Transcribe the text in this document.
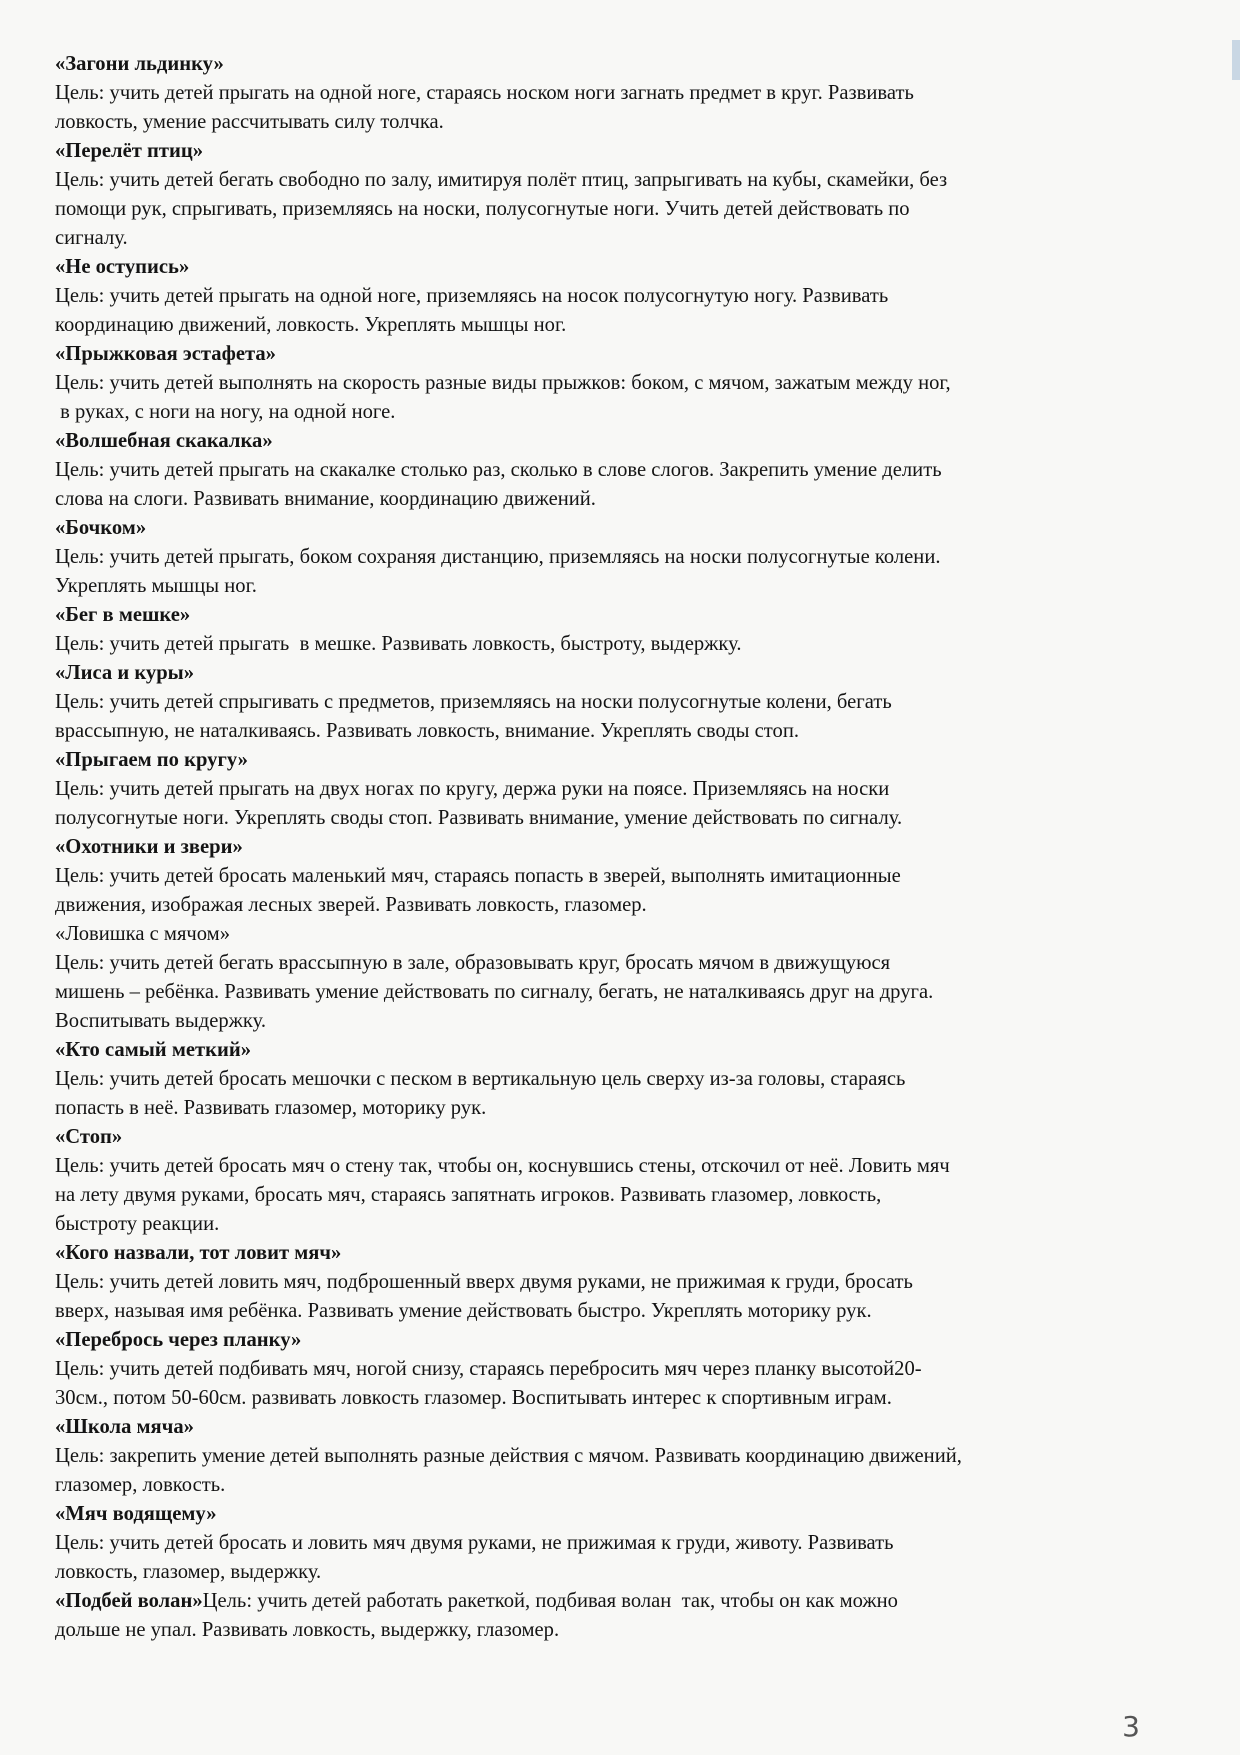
«Загони льдинку»
Цель: учить детей прыгать на одной ноге, стараясь носком ноги загнать предмет в круг. Развивать
ловкость, умение рассчитывать силу толчка.
«Перелёт птиц»
Цель: учить детей бегать свободно по залу, имитируя полёт птиц, запрыгивать на кубы, скамейки, без
помощи рук, спрыгивать, приземляясь на носки, полусогнутые ноги. Учить детей действовать по
сигналу.
«Не оступись»
Цель: учить детей прыгать на одной ноге, приземляясь на носок полусогнутую ногу. Развивать
координацию движений, ловкость. Укреплять мышцы ног.
«Прыжковая эстафета»
Цель: учить детей выполнять на скорость разные виды прыжков: боком, с мячом, зажатым между ног,
в руках, с ноги на ногу, на одной ноге.
«Волшебная скакалка»
Цель: учить детей прыгать на скакалке столько раз, сколько в слове слогов. Закрепить умение делить
слова на слоги. Развивать внимание, координацию движений.
«Бочком»
Цель: учить детей прыгать, боком сохраняя дистанцию, приземляясь на носки полусогнутые колени.
Укреплять мышцы ног.
«Бег в мешке»
Цель: учить детей прыгать  в мешке. Развивать ловкость, быстроту, выдержку.
«Лиса и куры»
Цель: учить детей спрыгивать с предметов, приземляясь на носки полусогнутые колени, бегать
врассыпную, не наталкиваясь. Развивать ловкость, внимание. Укреплять своды стоп.
«Прыгаем по кругу»
Цель: учить детей прыгать на двух ногах по кругу, держа руки на поясе. Приземляясь на носки
полусогнутые ноги. Укреплять своды стоп. Развивать внимание, умение действовать по сигналу.
«Охотники и звери»
Цель: учить детей бросать маленький мяч, стараясь попасть в зверей, выполнять имитационные
движения, изображая лесных зверей. Развивать ловкость, глазомер.
«Ловишка с мячом»
Цель: учить детей бегать врассыпную в зале, образовывать круг, бросать мячом в движущуюся
мишень – ребёнка. Развивать умение действовать по сигналу, бегать, не наталкиваясь друг на друга.
Воспитывать выдержку.
«Кто самый меткий»
Цель: учить детей бросать мешочки с песком в вертикальную цель сверху из-за головы, стараясь
попасть в неё. Развивать глазомер, моторику рук.
«Стоп»
Цель: учить детей бросать мяч о стену так, чтобы он, коснувшись стены, отскочил от неё. Ловить мяч
на лету двумя руками, бросать мяч, стараясь запятнать игроков. Развивать глазомер, ловкость,
быстроту реакции.
«Кого назвали, тот ловит мяч»
Цель: учить детей ловить мяч, подброшенный вверх двумя руками, не прижимая к груди, бросать
вверх, называя имя ребёнка. Развивать умение действовать быстро. Укреплять моторику рук.
«Перебрось через планку»
Цель: учить детей подбивать мяч, ногой снизу, стараясь перебросить мяч через планку высотой20-
30см., потом 50-60см. развивать ловкость глазомер. Воспитывать интерес к спортивным играм.
«Школа мяча»
Цель: закрепить умение детей выполнять разные действия с мячом. Развивать координацию движений,
глазомер, ловкость.
«Мяч водящему»
Цель: учить детей бросать и ловить мяч двумя руками, не прижимая к груди, животу. Развивать
ловкость, глазомер, выдержку.
«Подбей волан»Цель: учить детей работать ракеткой, подбивая волан  так, чтобы он как можно
дольше не упал. Развивать ловкость, выдержку, глазомер.
3
